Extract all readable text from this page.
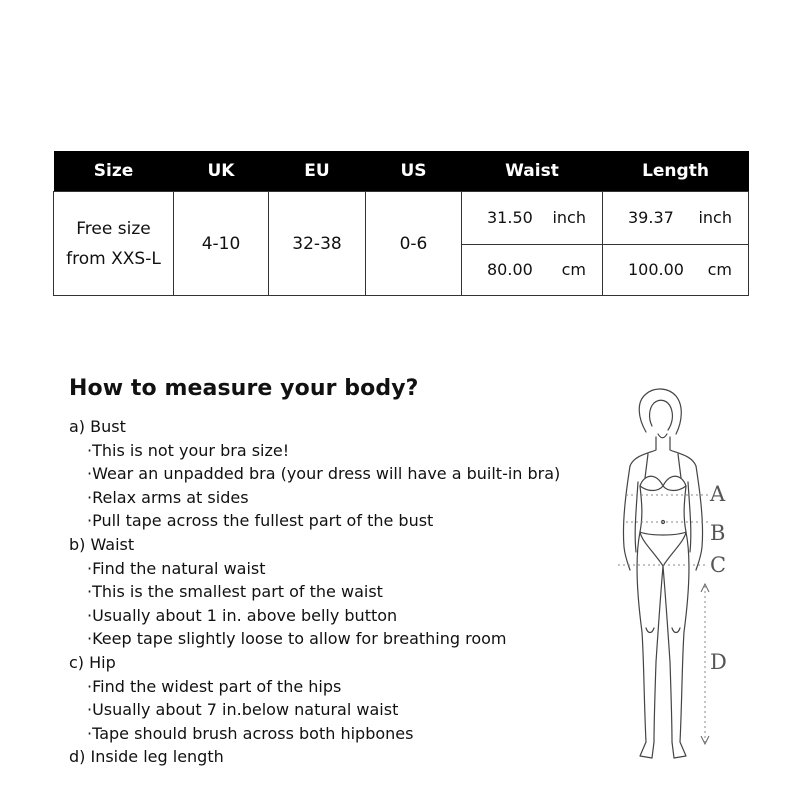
Size	UK	EU	US	Waist	Length
Free size
from XXS-L	4-10	32-38	0-6	31.50 inch	39.37 inch

				80.00 cm	100.00 cm
How to measure your body?
a) Bust
·This is not your bra size!
·Wear an unpadded bra (your dress will have a built-in bra)
·Relax arms at sides
·Pull tape across the fullest part of the bust
b) Waist
·Find the natural waist
·This is the smallest part of the waist
·Usually about 1 in. above belly button
·Keep tape slightly loose to allow for breathing room
c) Hip
·Find the widest part of the hips
·Usually about 7 in.below natural waist
·Tape should brush across both hipbones
d) Inside leg length
A
B
C
D
